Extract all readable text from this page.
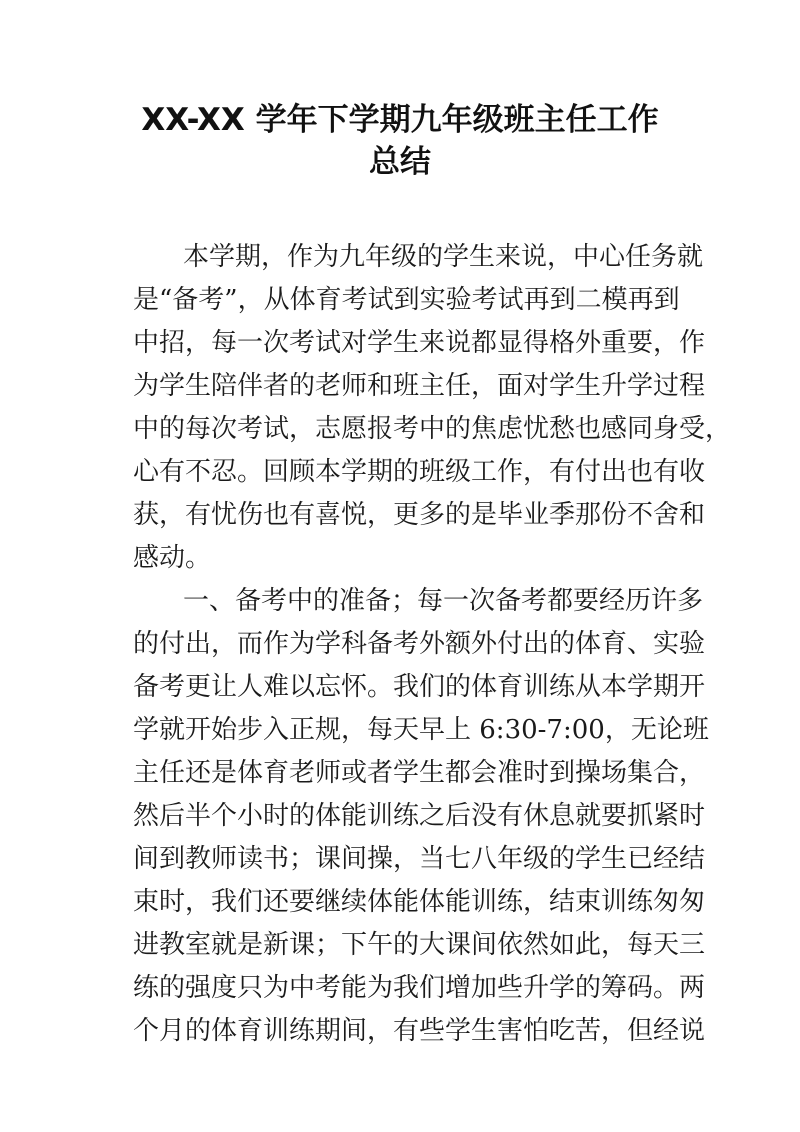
XX-XX 学年下学期九年级班主任工作
总结
本学期，作为九年级的学生来说，中心任务就
是“备考”，从体育考试到实验考试再到二模再到
中招，每一次考试对学生来说都显得格外重要，作
为学生陪伴者的老师和班主任，面对学生升学过程
中的每次考试，志愿报考中的焦虑忧愁也感同身受，
心有不忍。回顾本学期的班级工作，有付出也有收
获，有忧伤也有喜悦，更多的是毕业季那份不舍和
感动。
一、备考中的准备；每一次备考都要经历许多
的付出，而作为学科备考外额外付出的体育、实验
备考更让人难以忘怀。我们的体育训练从本学期开
学就开始步入正规，每天早上 6:30-7:00，无论班
主任还是体育老师或者学生都会准时到操场集合，
然后半个小时的体能训练之后没有休息就要抓紧时
间到教师读书；课间操，当七八年级的学生已经结
束时，我们还要继续体能体能训练，结束训练匆匆
进教室就是新课；下午的大课间依然如此，每天三
练的强度只为中考能为我们增加些升学的筹码。两
个月的体育训练期间，有些学生害怕吃苦，但经说
